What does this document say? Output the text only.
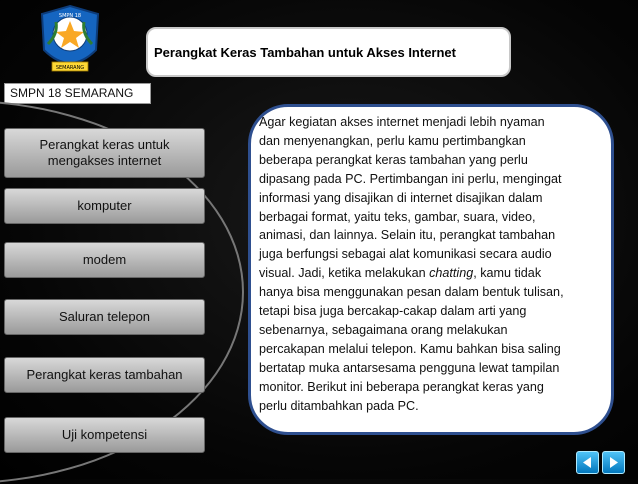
SMPN 18
SEMARANG
Perangkat Keras Tambahan untuk Akses Internet
SMPN 18 SEMARANG
Perangkat keras untuk mengakses internet
komputer
modem
Saluran telepon
Perangkat keras tambahan
Uji kompetensi
Agar kegiatan akses internet menjadi lebih nyaman
dan menyenangkan, perlu kamu pertimbangkan
beberapa perangkat keras tambahan yang perlu
dipasang pada PC. Pertimbangan ini perlu, mengingat
informasi yang disajikan di internet disajikan dalam
berbagai format, yaitu teks, gambar, suara, video,
animasi, dan lainnya. Selain itu, perangkat tambahan
juga berfungsi sebagai alat komunikasi secara audio
visual. Jadi, ketika melakukan chatting, kamu tidak
hanya bisa menggunakan pesan dalam bentuk tulisan,
tetapi bisa juga bercakap-cakap dalam arti yang
sebenarnya, sebagaimana orang melakukan
percakapan melalui telepon. Kamu bahkan bisa saling
bertatap muka antarsesama pengguna lewat tampilan
monitor. Berikut ini beberapa perangkat keras yang
perlu ditambahkan pada PC.
